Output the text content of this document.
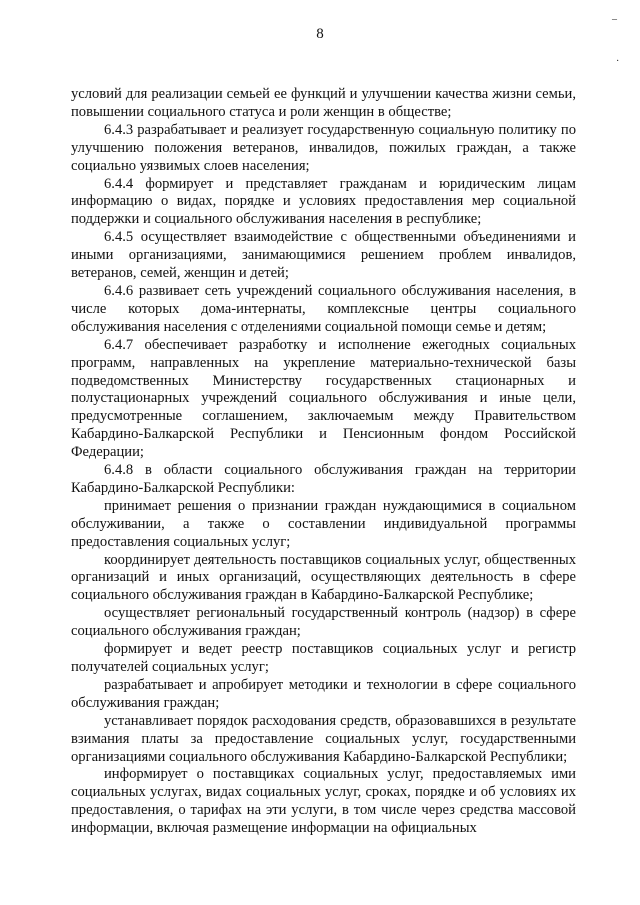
–
·
8

условий для реализации семьей ее функций и улучшении качества жизни семьи, повышении социального статуса и роли женщин в обществе;

6.4.3 разрабатывает и реализует государственную социальную политику по улучшению положения ветеранов, инвалидов, пожилых граждан, а также социально уязвимых слоев населения;

6.4.4 формирует и представляет гражданам и юридическим лицам информацию о видах, порядке и условиях предоставления мер социальной поддержки и социального обслуживания населения в республике;

6.4.5 осуществляет взаимодействие с общественными объединениями и иными организациями, занимающимися решением проблем инвалидов, ветеранов, семей, женщин и детей;

6.4.6 развивает сеть учреждений социального обслуживания населения, в числе которых дома-интернаты, комплексные центры социального обслуживания населения с отделениями социальной помощи семье и детям;

6.4.7 обеспечивает разработку и исполнение ежегодных социальных программ, направленных на укрепление материально-технической базы подведомственных Министерству государственных стационарных и полустационарных учреждений социального обслуживания и иные цели, предусмотренные соглашением, заключаемым между Правительством Кабардино-Балкарской Республики и Пенсионным фондом Российской Федерации;

6.4.8 в области социального обслуживания граждан на территории Кабардино-Балкарской Республики:

принимает решения о признании граждан нуждающимися в социальном обслуживании, а также о составлении индивидуальной программы предоставления социальных услуг;

координирует деятельность поставщиков социальных услуг, общественных организаций и иных организаций, осуществляющих деятельность в сфере социального обслуживания граждан в Кабардино-Балкарской Республике;

осуществляет региональный государственный контроль (надзор) в сфере социального обслуживания граждан;

формирует и ведет реестр поставщиков социальных услуг и регистр получателей социальных услуг;

разрабатывает и апробирует методики и технологии в сфере социального обслуживания граждан;

устанавливает порядок расходования средств, образовавшихся в результате взимания платы за предоставление социальных услуг, государственными организациями социального обслуживания Кабардино-Балкарской Республики;

информирует о поставщиках социальных услуг, предоставляемых ими социальных услугах, видах социальных услуг, сроках, порядке и об условиях их предоставления, о тарифах на эти услуги, в том числе через средства массовой информации, включая размещение информации на официальных
